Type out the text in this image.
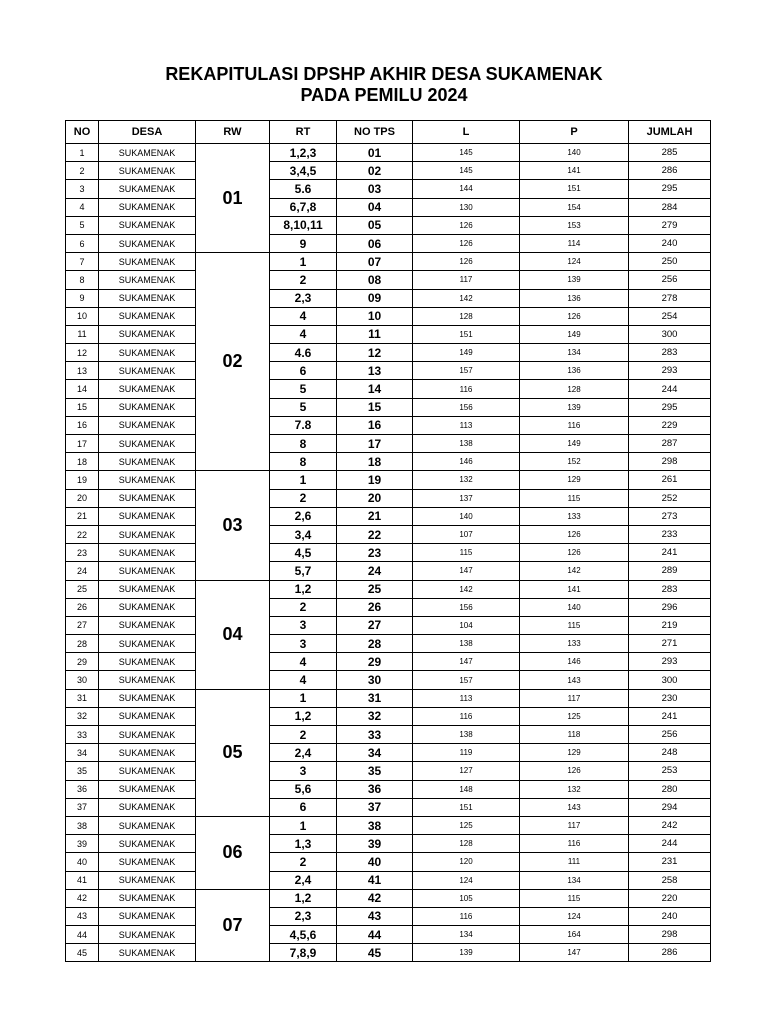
REKAPITULASI DPSHP AKHIR DESA SUKAMENAK
PADA PEMILU 2024
NO	DESA	RW	RT	NO TPS	L	P	JUMLAH
1	SUKAMENAK	01	1,2,3	01	145	140	285
2	SUKAMENAK		3,4,5	02	145	141	286
3	SUKAMENAK		5.6	03	144	151	295
4	SUKAMENAK		6,7,8	04	130	154	284
5	SUKAMENAK		8,10,11	05	126	153	279
6	SUKAMENAK		9	06	126	114	240
7	SUKAMENAK	02	1	07	126	124	250
8	SUKAMENAK		2	08	117	139	256
9	SUKAMENAK		2,3	09	142	136	278
10	SUKAMENAK		4	10	128	126	254
11	SUKAMENAK		4	11	151	149	300
12	SUKAMENAK		4.6	12	149	134	283
13	SUKAMENAK		6	13	157	136	293
14	SUKAMENAK		5	14	116	128	244
15	SUKAMENAK		5	15	156	139	295
16	SUKAMENAK		7.8	16	113	116	229
17	SUKAMENAK		8	17	138	149	287
18	SUKAMENAK		8	18	146	152	298
19	SUKAMENAK	03	1	19	132	129	261
20	SUKAMENAK		2	20	137	115	252
21	SUKAMENAK		2,6	21	140	133	273
22	SUKAMENAK		3,4	22	107	126	233
23	SUKAMENAK		4,5	23	115	126	241
24	SUKAMENAK		5,7	24	147	142	289
25	SUKAMENAK	04	1,2	25	142	141	283
26	SUKAMENAK		2	26	156	140	296
27	SUKAMENAK		3	27	104	115	219
28	SUKAMENAK		3	28	138	133	271
29	SUKAMENAK		4	29	147	146	293
30	SUKAMENAK		4	30	157	143	300
31	SUKAMENAK	05	1	31	113	117	230
32	SUKAMENAK		1,2	32	116	125	241
33	SUKAMENAK		2	33	138	118	256
34	SUKAMENAK		2,4	34	119	129	248
35	SUKAMENAK		3	35	127	126	253
36	SUKAMENAK		5,6	36	148	132	280
37	SUKAMENAK		6	37	151	143	294
38	SUKAMENAK	06	1	38	125	117	242
39	SUKAMENAK		1,3	39	128	116	244
40	SUKAMENAK		2	40	120	111	231
41	SUKAMENAK		2,4	41	124	134	258
42	SUKAMENAK	07	1,2	42	105	115	220
43	SUKAMENAK		2,3	43	116	124	240
44	SUKAMENAK		4,5,6	44	134	164	298
45	SUKAMENAK		7,8,9	45	139	147	286
